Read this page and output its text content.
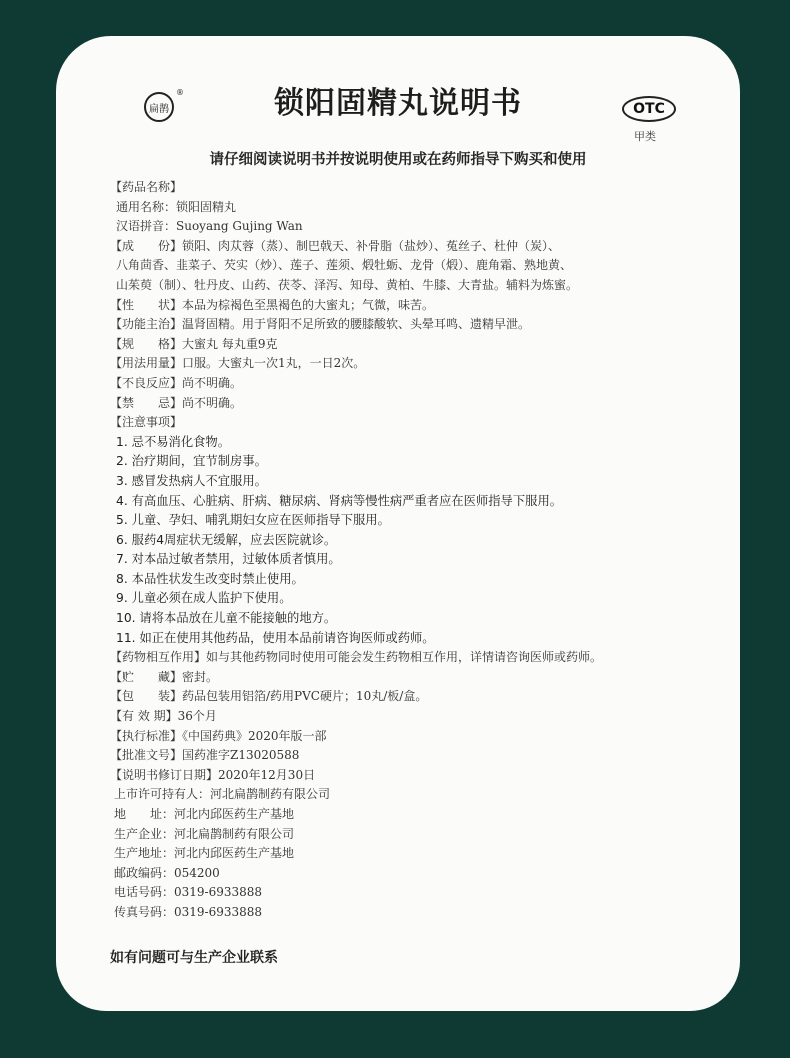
扁鹊
®	锁阳固精丸说明书	OTC
甲类
请仔细阅读说明书并按说明使用或在药师指导下购买和使用
【药品名称】
通用名称：锁阳固精丸
汉语拼音：Suoyang Gujing Wan
【成　　份】锁阳、肉苁蓉（蒸）、制巴戟天、补骨脂（盐炒）、菟丝子、杜仲（炭）、
八角茴香、韭菜子、芡实（炒）、莲子、莲须、煅牡蛎、龙骨（煅）、鹿角霜、熟地黄、
山茱萸（制）、牡丹皮、山药、茯苓、泽泻、知母、黄柏、牛膝、大青盐。辅料为炼蜜。
【性　　状】本品为棕褐色至黑褐色的大蜜丸；气微，味苦。
【功能主治】温肾固精。用于肾阳不足所致的腰膝酸软、头晕耳鸣、遗精早泄。
【规　　格】大蜜丸 每丸重9克
【用法用量】口服。大蜜丸一次1丸，一日2次。
【不良反应】尚不明确。
【禁　　忌】尚不明确。
【注意事项】
1. 忌不易消化食物。
2. 治疗期间，宜节制房事。
3. 感冒发热病人不宜服用。
4. 有高血压、心脏病、肝病、糖尿病、肾病等慢性病严重者应在医师指导下服用。
5. 儿童、孕妇、哺乳期妇女应在医师指导下服用。
6. 服药4周症状无缓解，应去医院就诊。
7. 对本品过敏者禁用，过敏体质者慎用。
8. 本品性状发生改变时禁止使用。
9. 儿童必须在成人监护下使用。
10. 请将本品放在儿童不能接触的地方。
11. 如正在使用其他药品，使用本品前请咨询医师或药师。
【药物相互作用】如与其他药物同时使用可能会发生药物相互作用，详情请咨询医师或药师。
【贮　　藏】密封。
【包　　装】药品包装用铝箔/药用PVC硬片；10丸/板/盒。
【有 效 期】36个月
【执行标准】《中国药典》2020年版一部
【批准文号】国药准字Z13020588
【说明书修订日期】2020年12月30日
上市许可持有人：河北扁鹊制药有限公司
地　　址：河北内邱医药生产基地
生产企业：河北扁鹊制药有限公司
生产地址：河北内邱医药生产基地
邮政编码：054200
电话号码：0319-6933888
传真号码：0319-6933888
如有问题可与生产企业联系
